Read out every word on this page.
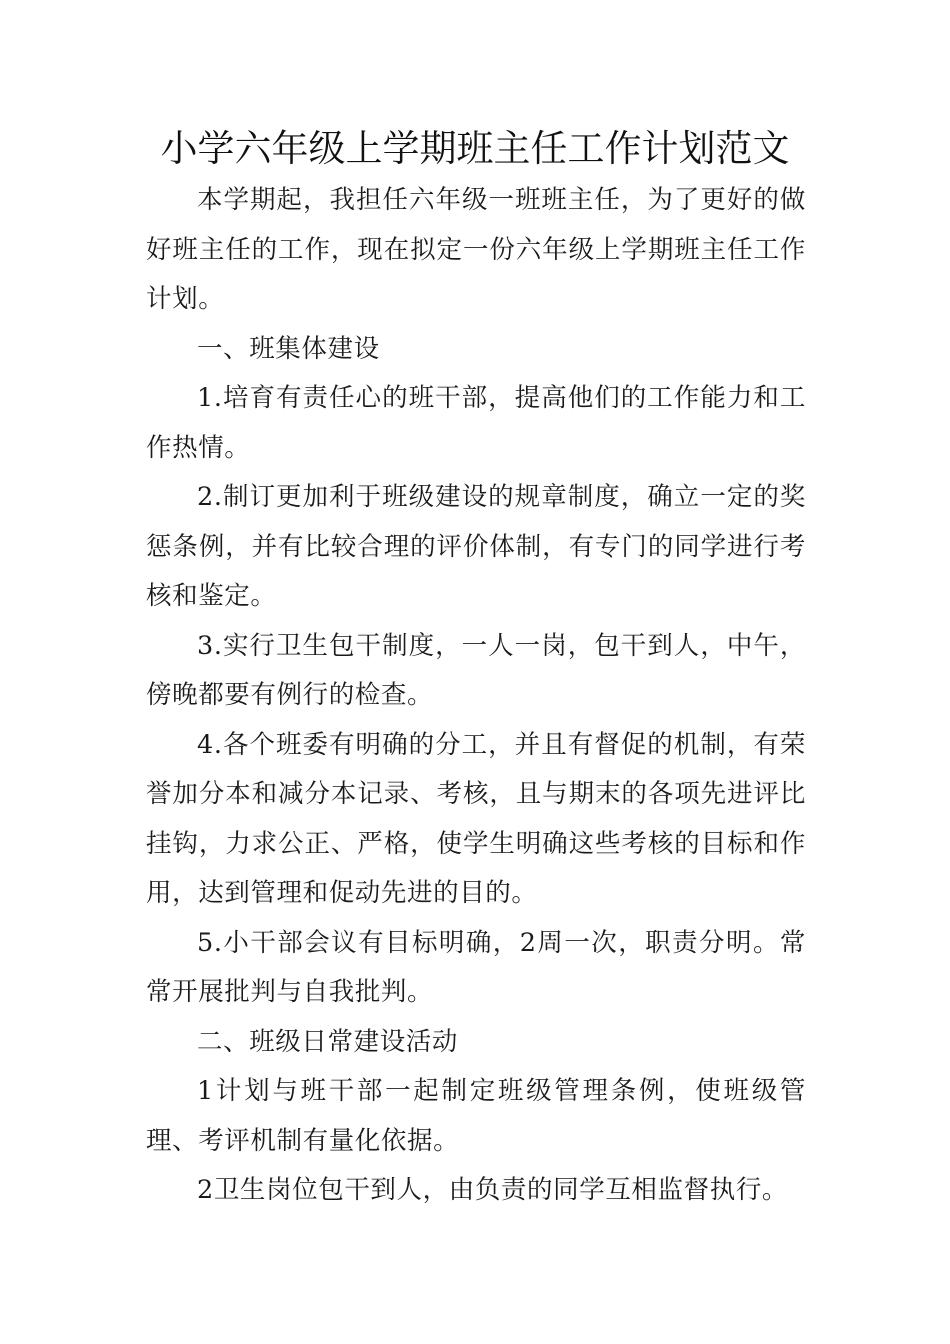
小学六年级上学期班主任工作计划范文

本学期起，我担任六年级一班班主任，为了更好的做好班主任的工作，现在拟定一份六年级上学期班主任工作计划。

一、班集体建设

1.培育有责任心的班干部，提高他们的工作能力和工作热情。

2.制订更加利于班级建设的规章制度，确立一定的奖惩条例，并有比较合理的评价体制，有专门的同学进行考核和鉴定。

3.实行卫生包干制度，一人一岗，包干到人，中午，傍晚都要有例行的检查。

4.各个班委有明确的分工，并且有督促的机制，有荣誉加分本和减分本记录、考核，且与期末的各项先进评比挂钩，力求公正、严格，使学生明确这些考核的目标和作用，达到管理和促动先进的目的。

5.小干部会议有目标明确，2周一次，职责分明。常常开展批判与自我批判。

二、班级日常建设活动

1计划与班干部一起制定班级管理条例，使班级管理、考评机制有量化依据。

2卫生岗位包干到人，由负责的同学互相监督执行。
